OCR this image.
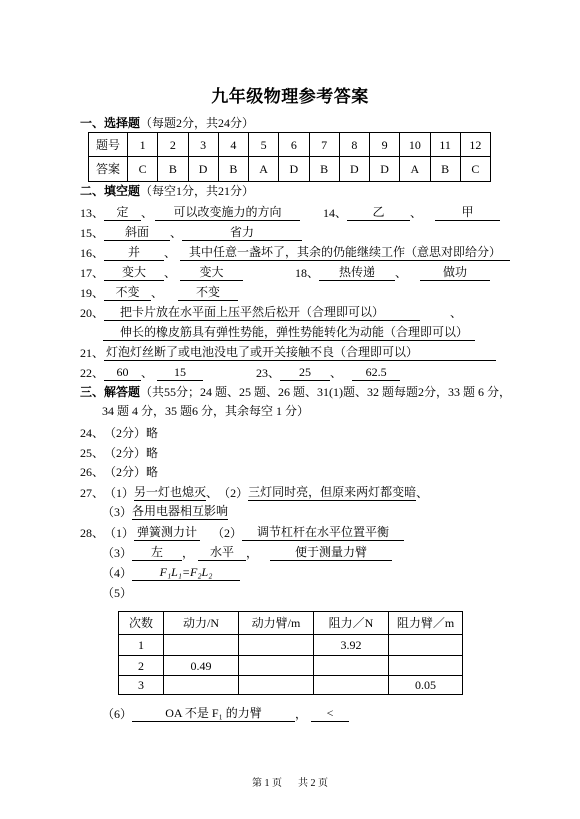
九年级物理参考答案
一、选择题（每题2分，共24分）
题号	1	2	3	4	5	6	7	8	9	10	11	12
答案	C	B	D	B	A	D	B	D	D	A	B	C
二、填空题（每空1分，共21分）
13、 定 、 可以改变施力的方向	14、 乙 、	甲
15、 斜面 、	省力
16、 并 、 其中任意一盏坏了，其余的仍能继续工作（意思对即给分）
17、 变大 、 变大	18、 热传递 、	做功
19、 不变 、	不变
20、 把卡片放在水平面上压平然后松开（合理即可以）	、
伸长的橡皮筋具有弹性势能，弹性势能转化为动能（合理即可以）
21、 灯泡灯丝断了或电池没电了或开关接触不良（合理即可以）
22、 60 、 15	23、 25 、 62.5
三、解答题（共55分；24 题、25 题、26 题、31(1)题、32 题每题2分，33 题 6 分，
34 题 4 分，35 题6 分，其余每空 1 分）
24、（2分）略
25、（2分）略
26、（2分）略
27、（1）另一灯也熄灭、（2）三灯同时亮，但原来两灯都变暗、
（3）各用电器相互影响
28、（1） 弹簧测力计 （2） 调节杠杆在水平位置平衡
（3） 左 ， 水平 ，	便于测量力臂
（4） F₁L₁=F₂L₂
（5）
次数	动力/N	动力臂/m	阻力／N	阻力臂／m
1			3.92	
2	0.49			
3				0.05
（6）	OA 不是 F₁ 的力臂	， <
第 1 页 共 2 页
